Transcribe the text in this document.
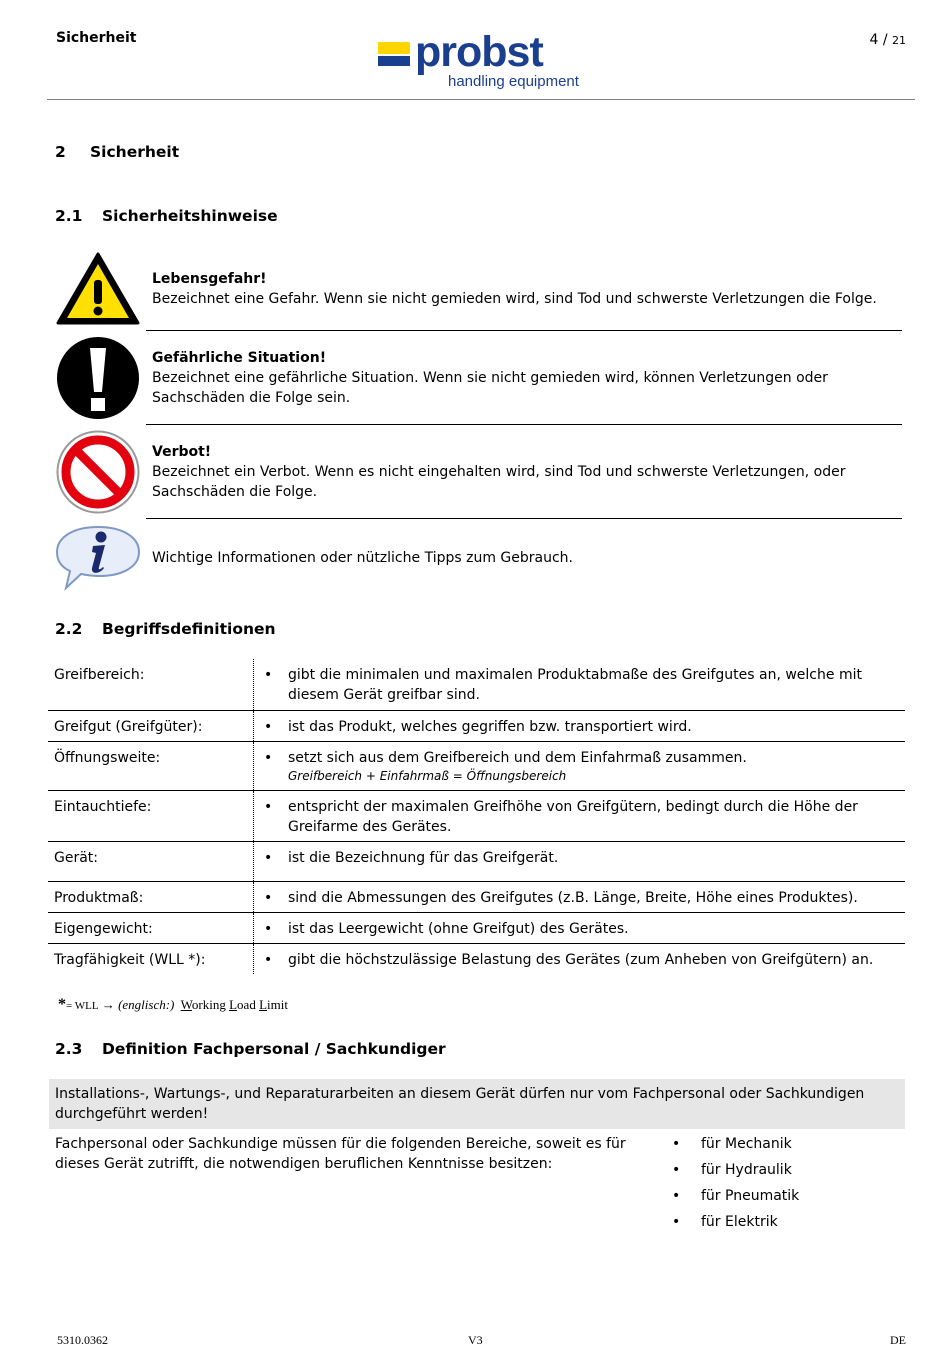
Sicherheit	probst
handling equipment
4 / 21
2 Sicherheit
2.1 Sicherheitshinweise
Lebensgefahr!
Bezeichnet eine Gefahr. Wenn sie nicht gemieden wird, sind Tod und schwerste Verletzungen die Folge.
Gefährliche Situation!
Bezeichnet eine gefährliche Situation. Wenn sie nicht gemieden wird, können Verletzungen oder
Sachschäden die Folge sein.
Verbot!
Bezeichnet ein Verbot. Wenn es nicht eingehalten wird, sind Tod und schwerste Verletzungen, oder
Sachschäden die Folge.
Wichtige Informationen oder nützliche Tipps zum Gebrauch.
2.2 Begriffsdefinitionen
Greifbereich:	•	gibt die minimalen und maximalen Produktabmaße des Greifgutes an, welche mit diesem Gerät greifbar sind.
Greifgut (Greifgüter):	•	ist das Produkt, welches gegriffen bzw. transportiert wird.
Öffnungsweite:	•	setzt sich aus dem Greifbereich und dem Einfahrmaß zusammen.
Greifbereich + Einfahrmaß = Öffnungsbereich

Eintauchtiefe:	•	entspricht der maximalen Greifhöhe von Greifgütern, bedingt durch die Höhe der Greifarme des Gerätes.
Gerät:	•	ist die Bezeichnung für das Greifgerät.
Produktmaß:	•	sind die Abmessungen des Greifgutes (z.B. Länge, Breite, Höhe eines Produktes).
Eigengewicht:	•	ist das Leergewicht (ohne Greifgut) des Gerätes.
Tragfähigkeit (WLL *):	•	gibt die höchstzulässige Belastung des Gerätes (zum Anheben von Greifgütern) an.
*= WLL → (englisch:) Working Load Limit
2.3 Definition Fachpersonal / Sachkundiger
Installations-, Wartungs-, und Reparaturarbeiten an diesem Gerät dürfen nur vom Fachpersonal oder Sachkundigen durchgeführt werden!
Fachpersonal oder Sachkundige müssen für die folgenden Bereiche, soweit es für dieses Gerät zutrifft, die notwendigen beruflichen Kenntnisse besitzen:
• für Mechanik
• für Hydraulik
• für Pneumatik
• für Elektrik
5310.0362	V3	DE
